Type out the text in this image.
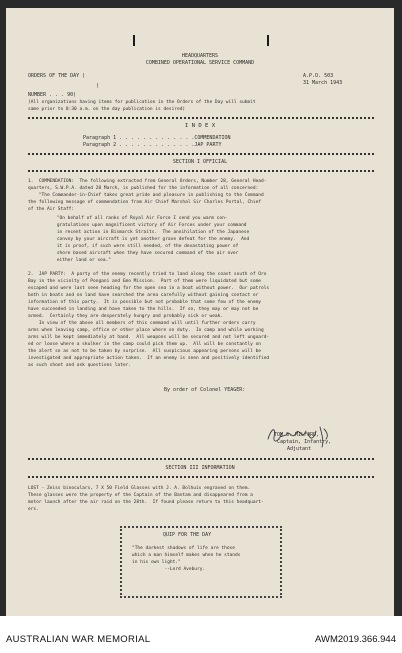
HEADQUARTERS
COMBINED OPERATIONAL SERVICE COMMAND
ORDERS OF THE DAY )
)
A.P.O. 503
31 March 1943
NUMBER . . . 90)
(All organizations having items for publication in the Orders of the Day will submit
same prior to 8:30 a.m. on the day publication is desired)
I N D E X
Paragraph 1 . . . . . . . . . . . . .COMMENDATION
Paragraph 2 . . . . . . . . . . . . .JAP PARTY
SECTION I OFFICIAL
1.  COMMENDATION:  The following extracted from General Orders, Number 28, General Head-
quarters, S.W.P.A. dated 20 March, is published for the information of all concerned:
"The Commander-in-Chief takes great pride and pleasure in publishing to the Command
the following message of commendation from Air Chief Marshal Sir Charles Portal, Chief
of the Air Staff:
"On behalf of all ranks of Royal Air Force I send you warm con-
gratulations upon magnificent victory of Air Forces under your command
in recent action in Bismarck Straits.  The annihilation of the Japanese
convoy by your aircraft is yet another grave defeat for the enemy.  And
it is proof, if such were still needed, of the devastating power of
shore based aircraft when they have secured command of the air over
either land or sea."
2.  JAP PARTY:  A party of the enemy recently tried to land along the coast south of Oro
Bay in the vicinity of Pongani and Emo Mission.  Part of them were liquidated but some
escaped and were last seen heading for the open sea in a boat without power.  Our patrols
both in boats and on land have searched the area carefully without gaining contact or
information of this party.  It is possible but not probable that some few of the enemy
have succeeded in landing and have taken to the hills.  If so, they may or may not be
armed.  Certainly they are desperately hungry and probably sick or weak.
In view of the above all members of this command will until further orders carry
arms when leaving camp, office or other place where on duty.  In camp and while working
arms will be kept immediately at hand.  All weapons will be secured and not left unguard-
ed or loose where a skulker in the camp could pick them up.  All will be constantly on
the alert so as not to be taken by surprise.  All suspicious appearing persons will be
investigated and appropriate action taken.  If an enemy is seen and positively identified
as such shoot and ask questions later.
By order of Colonel YEAGER:
TOM S. MILFORD,
Captain, Infantry,
Adjutant
SECTION III INFORMATION
LOST - Zeiss binoculars, 7 X 50 Field Glasses with J. A. Bolhuis engraved on them.
These glasses were the property of the Captain of the Bantam and disappeared from a
motor launch after the air raid on the 28th.  If found please return to this headquart-
ers.
QUIP FOR THE DAY
"The darkest shadows of life are those
which a man himself makes when he stands
in his own light."
--Lord Avebury.
AUSTRALIAN WAR MEMORIAL	AWM2019.366.944
